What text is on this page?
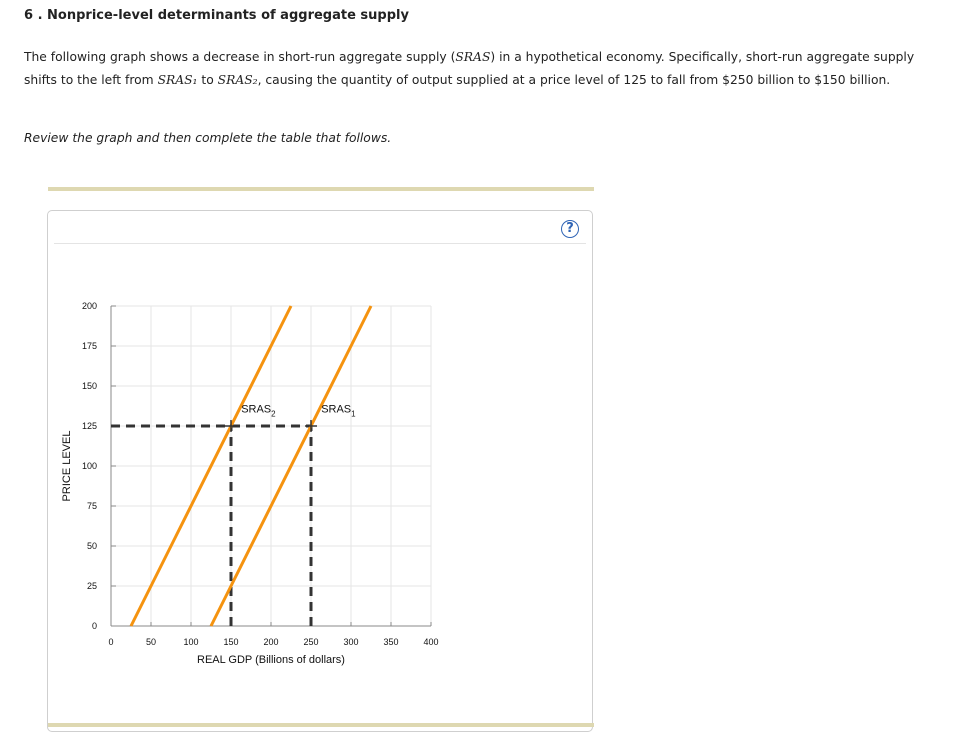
6 . Nonprice-level determinants of aggregate supply

The following graph shows a decrease in short-run aggregate supply (SRAS) in a hypothetical economy. Specifically, short-run aggregate supply shifts to the left from SRAS₁ to SRAS₂, causing the quantity of output supplied at a price level of 125 to fall from $250 billion to $150 billion.

Review the graph and then complete the table that follows.

?
0	50	100	150	200	250	300	350	400
0
25
50
75
100
125
150
175
200
$SRAS_1$
$SRAS_2$
REAL GDP (Billions of dollars)
PRICE LEVEL
